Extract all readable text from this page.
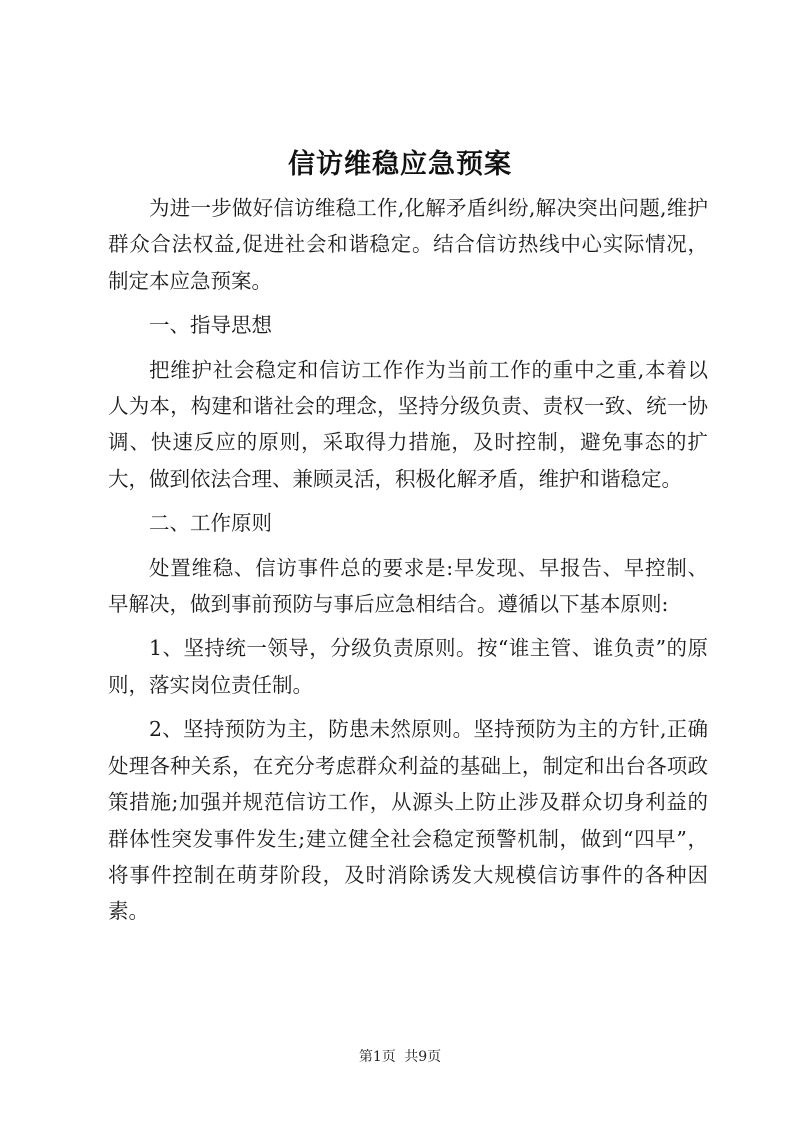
信访维稳应急预案

为进一步做好信访维稳工作,化解矛盾纠纷,解决突出问题,维护群众合法权益,促进社会和谐稳定。结合信访热线中心实际情况，制定本应急预案。

一、指导思想

把维护社会稳定和信访工作作为当前工作的重中之重,本着以人为本，构建和谐社会的理念，坚持分级负责、责权一致、统一协调、快速反应的原则，采取得力措施，及时控制，避免事态的扩大，做到依法合理、兼顾灵活，积极化解矛盾，维护和谐稳定。

二、工作原则

处置维稳、信访事件总的要求是:早发现、早报告、早控制、早解决，做到事前预防与事后应急相结合。遵循以下基本原则:

1、坚持统一领导，分级负责原则。按“谁主管、谁负责”的原则，落实岗位责任制。

2、坚持预防为主，防患未然原则。坚持预防为主的方针,正确处理各种关系，在充分考虑群众利益的基础上，制定和出台各项政策措施;加强并规范信访工作，从源头上防止涉及群众切身利益的群体性突发事件发生;建立健全社会稳定预警机制，做到“四早”，将事件控制在萌芽阶段，及时消除诱发大规模信访事件的各种因素。

第1页 共9页
